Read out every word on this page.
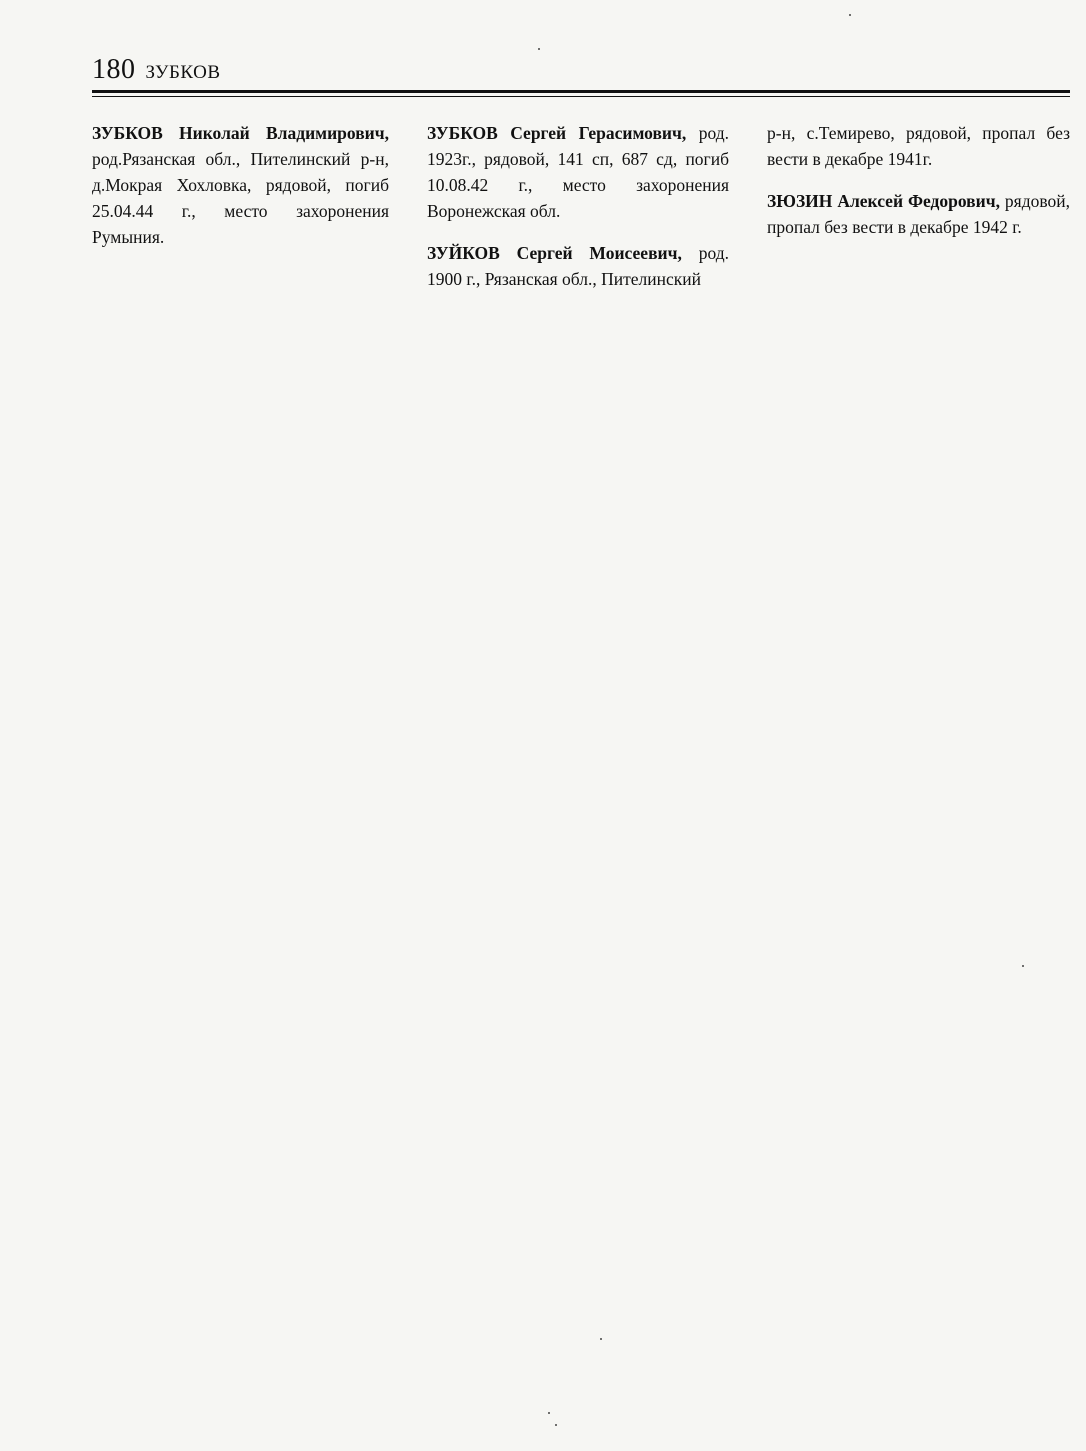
180 ЗУБКОВ

ЗУБКОВ Николай Владимирович, род.Рязанская обл., Пителинский р-н, д.Мокрая Хохловка, рядовой, погиб 25.04.44 г., место захоронения Румыния.

ЗУБКОВ Сергей Герасимович, род. 1923г., рядовой, 141 сп, 687 сд, погиб 10.08.42 г., место захоронения Воронежская обл.

ЗУЙКОВ Сергей Моисеевич, род. 1900 г., Рязанская обл., Пителинский

р-н, с.Темирево, рядовой, пропал без вести в декабре 1941г.

ЗЮЗИН Алексей Федорович, рядовой, пропал без вести в декабре 1942 г.
